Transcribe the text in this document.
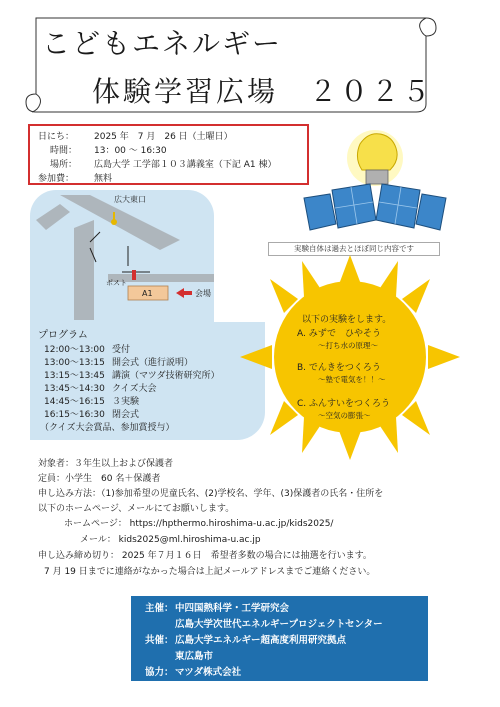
こどもエネルギー
体験学習広場　２０２５
日にち： 2025 年　7 月　26 日（土曜日）
時間： 13：00 ～ 16:30
場所： 広島大学 工学部１０３講義室（下記 A1 棟）
参加費： 無料
広大東口
ポスト
A1	会場
プログラム
12:00～13:00 受付
13:00～13:15 開会式（進行説明）
13:15～13:45 講演（マツダ技術研究所）
13:45～14:30 クイズ大会
14:45～16:15 ３実験
16:15～16:30 閉会式
（クイズ大会賞品、参加賞授与）
実験自体は過去とほぼ同じ内容です
以下の実験をします。
A. みずで　ひやそう
～打ち水の原理～
B. でんきをつくろう
～塾で電気を！！～
C. ふんすいをつくろう
～空気の膨張～
対象者：３年生以上および保護者
定員：小学生　60 名＋保護者
申し込み方法：（1)参加希望の児童氏名、(2)学校名、学年、(3)保護者の氏名・住所を
以下のホームページ、メールにてお願いします。
ホームページ： https://hpthermo.hiroshima-u.ac.jp/kids2025/
メール： kids2025@ml.hiroshima-u.ac.jp
申し込み締め切り： 2025 年７月１６日　希望者多数の場合には抽選を行います。
7 月 19 日までに連絡がなかった場合は上記メールアドレスまでご連絡ください。
主催： 中四国熱科学・工学研究会
広島大学次世代エネルギープロジェクトセンター
共催： 広島大学エネルギー超高度利用研究拠点
東広島市
協力： マツダ株式会社
